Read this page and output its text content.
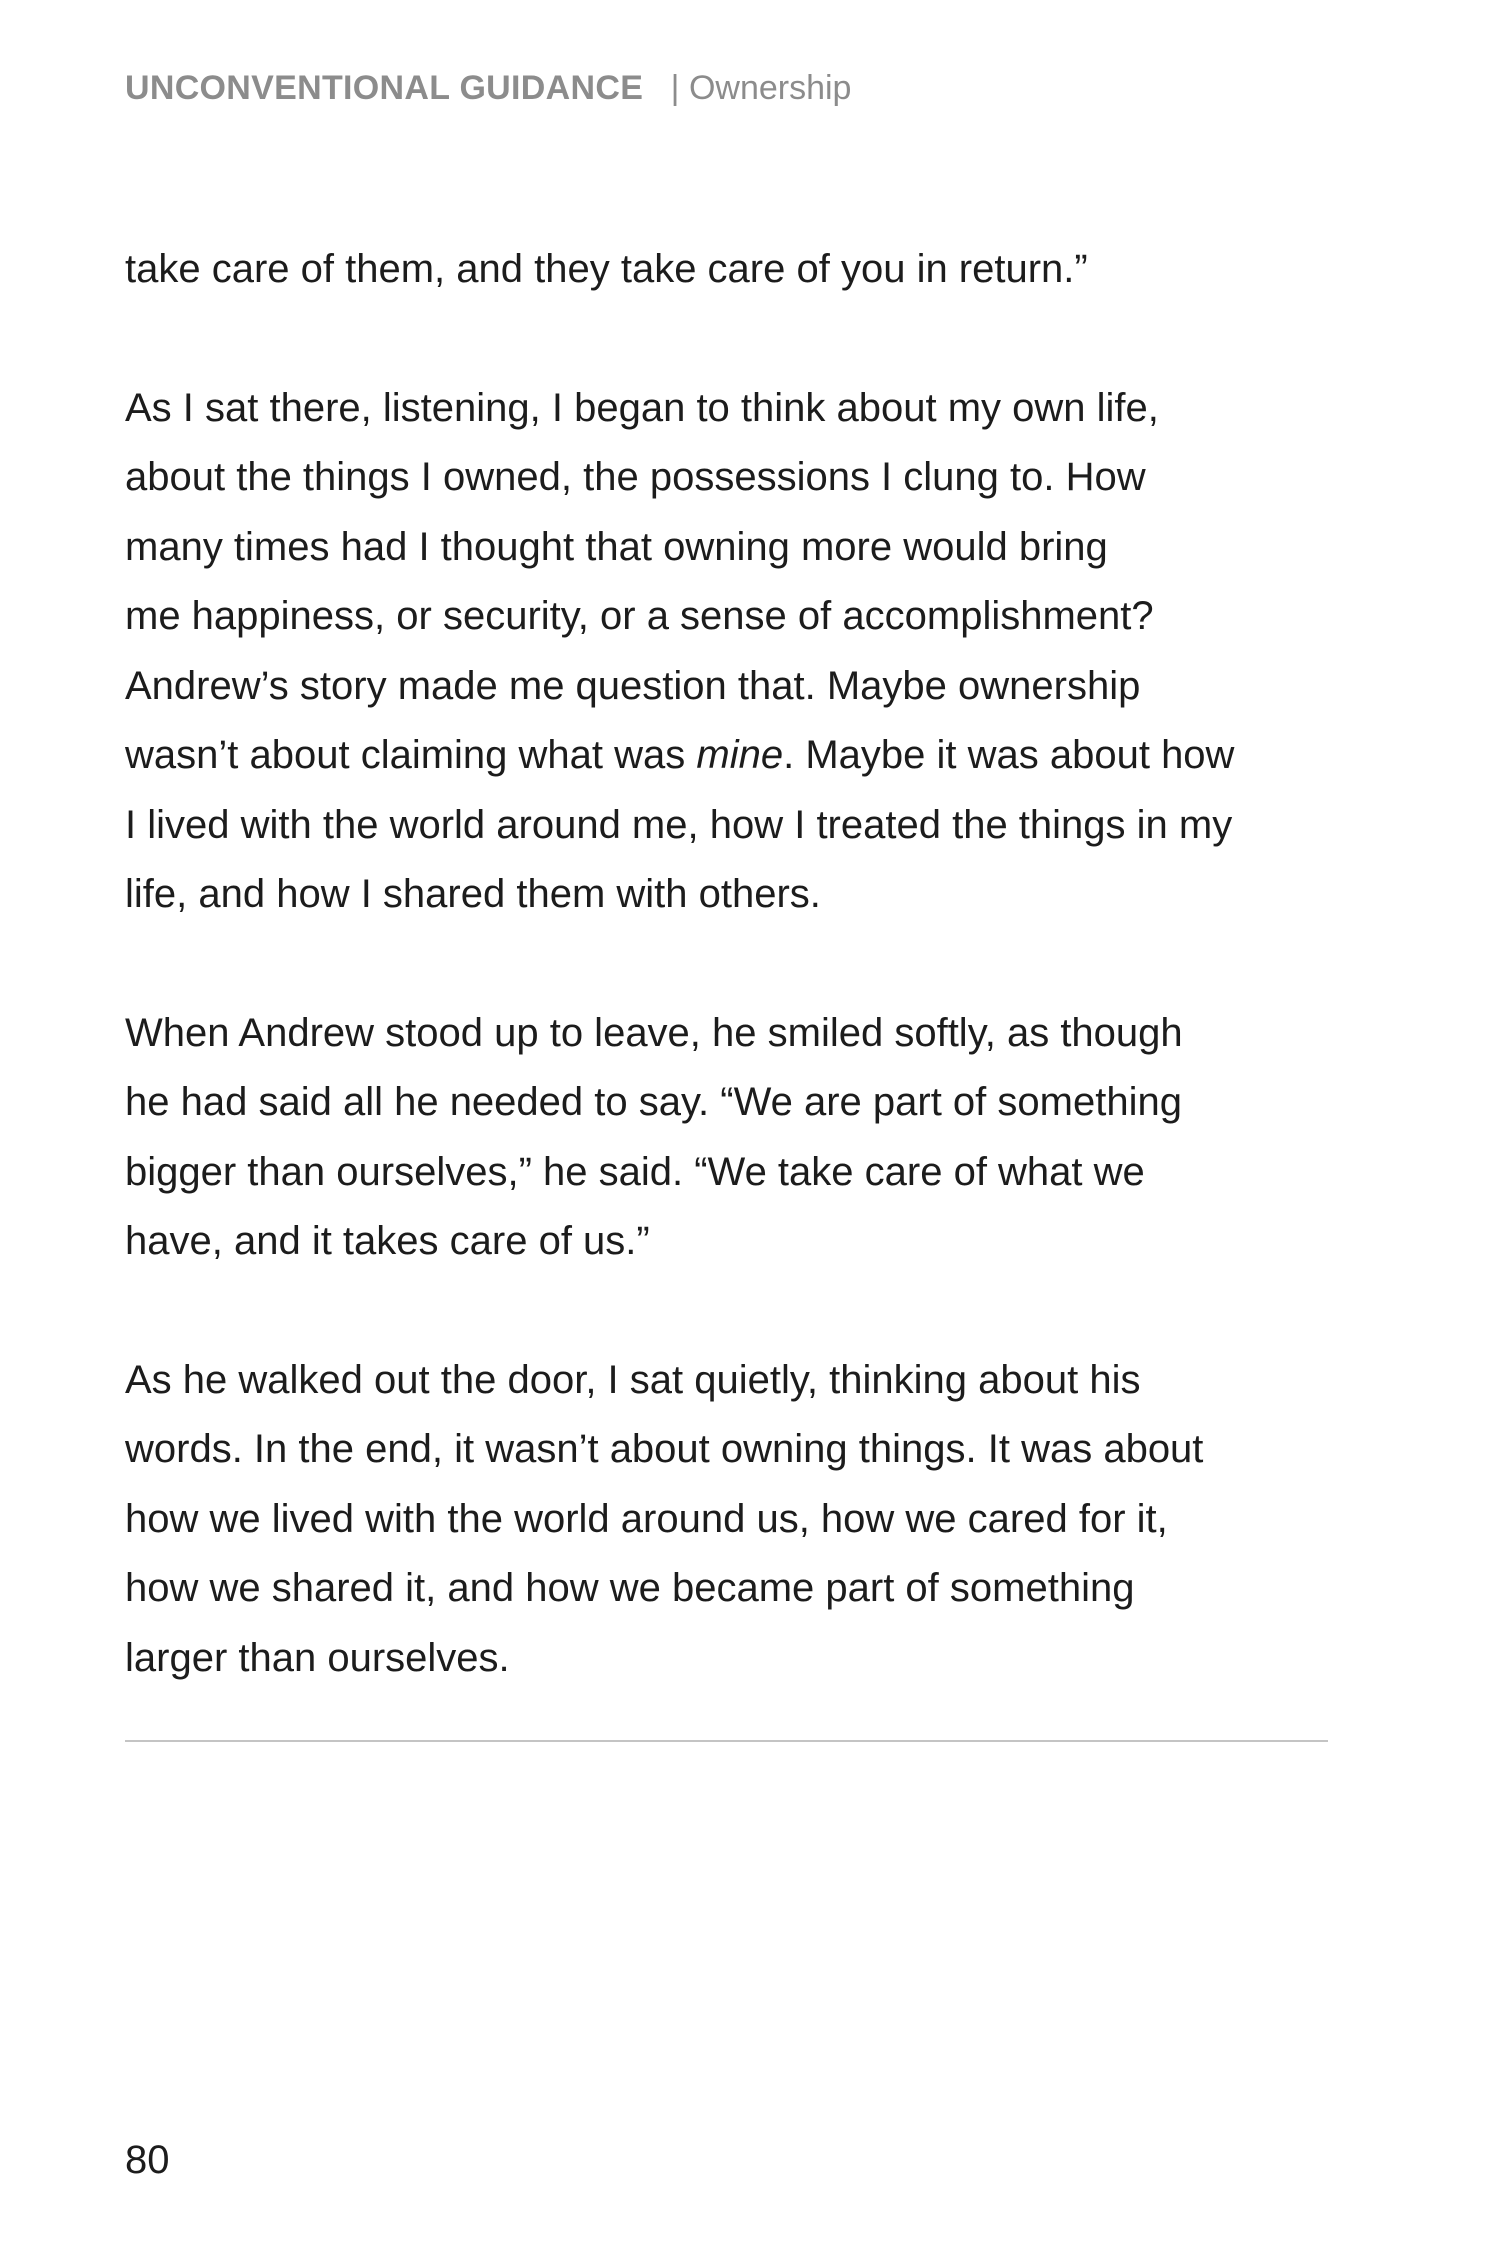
UNCONVENTIONAL GUIDANCE | Ownership

take care of them, and they take care of you in return.”

As I sat there, listening, I began to think about my own life,
about the things I owned, the possessions I clung to. How
many times had I thought that owning more would bring
me happiness, or security, or a sense of accomplishment?
Andrew’s story made me question that. Maybe ownership
wasn’t about claiming what was mine. Maybe it was about how
I lived with the world around me, how I treated the things in my
life, and how I shared them with others.

When Andrew stood up to leave, he smiled softly, as though
he had said all he needed to say. “We are part of something
bigger than ourselves,” he said. “We take care of what we
have, and it takes care of us.”

As he walked out the door, I sat quietly, thinking about his
words. In the end, it wasn’t about owning things. It was about
how we lived with the world around us, how we cared for it,
how we shared it, and how we became part of something
larger than ourselves.

80
